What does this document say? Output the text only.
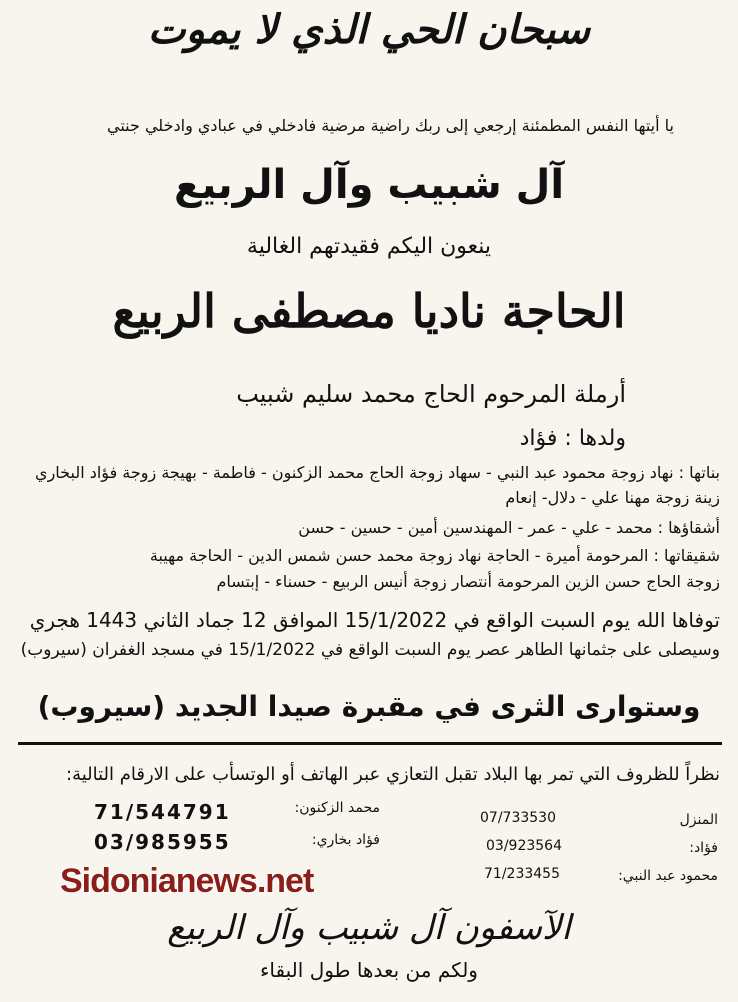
سبحان الحي الذي لا يموت
يا أيتها النفس المطمئنة إرجعي إلى ربك راضية مرضية فادخلي في عبادي وادخلي جنتي
آل شبيب وآل الربيع
ينعون اليكم فقيدتهم الغالية
الحاجة ناديا مصطفى الربيع
أرملة المرحوم الحاج محمد سليم شبيب
ولدها : فؤاد
بناتها : نهاد زوجة محمود عبد النبي - سهاد زوجة الحاج محمد الزكنون - فاطمة - بهيجة زوجة فؤاد البخاري
زينة زوجة مهنا علي - دلال- إنعام
أشقاؤها : محمد - علي - عمر - المهندسين أمين - حسين - حسن
شقيقاتها : المرحومة أميرة - الحاجة نهاد زوجة محمد حسن شمس الدين - الحاجة مهيبة
زوجة الحاج حسن الزين المرحومة أنتصار زوجة أنيس الربيع - حسناء - إبتسام
توفاها الله يوم السبت الواقع في 15/1/2022 الموافق 12 جماد الثاني 1443 هجري
وسيصلى على جثمانها الطاهر عصر يوم السبت الواقع في 15/1/2022 في مسجد الغفران (سيروب)
وستوارى الثرى في مقبرة صيدا الجديد (سيروب)
نظراً للظروف التي تمر بها البلاد تقبل التعازي عبر الهاتف أو الوتسأب على الارقام التالية:
المنزل
07/733530
فؤاد:
03/923564
محمود عبد النبي:
71/233455
محمد الزكنون:
71/544791
فؤاد بخاري:
03/985955
Sidonianews.net
الآسفون آل شبيب وآل الربيع
ولكم من بعدها طول البقاء
